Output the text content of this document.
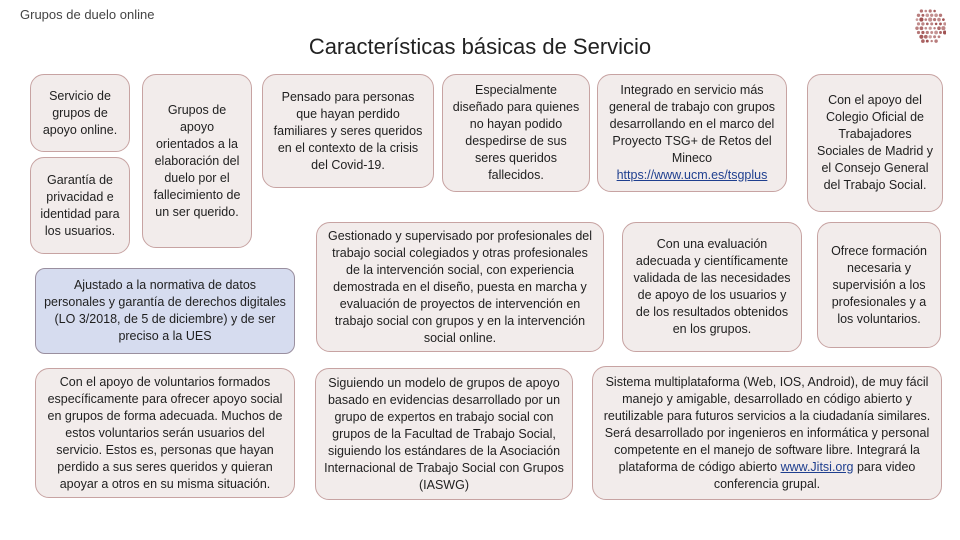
Grupos de duelo online
Características básicas de Servicio
Servicio de grupos de apoyo online.
Garantía de privacidad e identidad para los usuarios.
Grupos de apoyo orientados a la elaboración del duelo por el fallecimiento de un ser querido.
Pensado para personas que hayan perdido familiares y seres queridos en el contexto de la crisis del Covid-19.
Especialmente diseñado para quienes no hayan podido despedirse de sus seres queridos fallecidos.
Integrado en servicio más general de trabajo con grupos desarrollando en el marco del Proyecto TSG+ de Retos del Mineco
https://www.ucm.es/tsgplus
Con el apoyo del Colegio Oficial de Trabajadores Sociales de Madrid y el Consejo General del Trabajo Social.
Ajustado a la normativa de datos personales y garantía de derechos digitales (LO 3/2018, de 5 de diciembre) y de ser preciso a la UES
Gestionado y supervisado por profesionales del trabajo social colegiados y otras profesionales de la intervención social, con experiencia demostrada en el diseño, puesta en marcha y evaluación de proyectos de intervención en trabajo social con grupos y en la intervención social online.
Con una evaluación adecuada y científicamente validada de las necesidades de apoyo de los usuarios y de los resultados obtenidos en los grupos.
Ofrece formación necesaria y supervisión a los profesionales y a los voluntarios.
Con el apoyo de voluntarios formados específicamente para ofrecer apoyo social en grupos de forma adecuada. Muchos de estos voluntarios serán usuarios del servicio. Estos es, personas que hayan perdido a sus seres queridos y quieran apoyar a otros en su misma situación.
Siguiendo un modelo de grupos de apoyo basado en evidencias desarrollado por un grupo de expertos en trabajo social con grupos de la Facultad de Trabajo Social, siguiendo los estándares de la Asociación Internacional de Trabajo Social con Grupos (IASWG)
Sistema multiplataforma (Web, IOS, Android), de muy fácil manejo y amigable, desarrollado en código abierto y reutilizable para futuros servicios a la ciudadanía similares. Será desarrollado por ingenieros en informática y personal competente en el manejo de software libre. Integrará la plataforma de código abierto www.Jitsi.org para video conferencia grupal.
